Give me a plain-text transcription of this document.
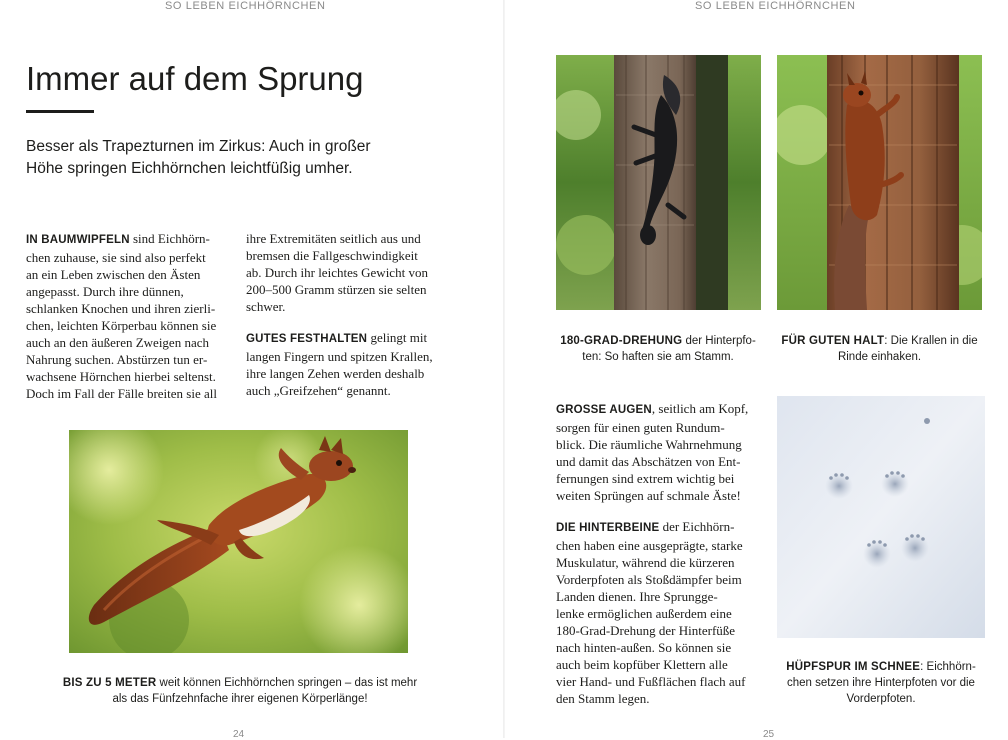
SO LEBEN EICHHÖRNCHEN
Immer auf dem Sprung

Besser als Trapezturnen im Zirkus: Auch in großer
Höhe springen Eichhörnchen leichtfüßig umher.

IN BAUMWIPFELN sind Eichhörn-
chen zuhause, sie sind also perfekt
an ein Leben zwischen den Ästen
angepasst. Durch ihre dünnen,
schlanken Knochen und ihren zierli-
chen, leichten Körperbau können sie
auch an den äußeren Zweigen nach
Nahrung suchen. Abstürzen tun er-
wachsene Hörnchen hierbei seltenst.
Doch im Fall der Fälle breiten sie all

ihre Extremitäten seitlich aus und
bremsen die Fallgeschwindigkeit
ab. Durch ihr leichtes Gewicht von
200–500 Gramm stürzen sie selten
schwer.

GUTES FESTHALTEN gelingt mit
langen Fingern und spitzen Krallen,
ihre langen Zehen werden deshalb
auch „Greifzehen“ genannt.

BIS ZU 5 METER weit können Eichhörnchen springen – das ist mehr
als das Fünfzehnfache ihrer eigenen Körperlänge!

24
SO LEBEN EICHHÖRNCHEN

180-GRAD-DREHUNG der Hinterpfo-
ten: So haften sie am Stamm.

FÜR GUTEN HALT: Die Krallen in die
Rinde einhaken.

GROSSE AUGEN, seitlich am Kopf,
sorgen für einen guten Rundum-
blick. Die räumliche Wahrnehmung
und damit das Abschätzen von Ent-
fernungen sind extrem wichtig bei
weiten Sprüngen auf schmale Äste!

DIE HINTERBEINE der Eichhörn-
chen haben eine ausgeprägte, starke
Muskulatur, während die kürzeren
Vorderpfoten als Stoßdämpfer beim
Landen dienen. Ihre Sprungge-
lenke ermöglichen außerdem eine
180-Grad-Drehung der Hinterfüße
nach hinten-außen. So können sie
auch beim kopfüber Klettern alle
vier Hand- und Fußflächen flach auf
den Stamm legen.

HÜPFSPUR IM SCHNEE: Eichhörn-
chen setzen ihre Hinterpfoten vor die
Vorderpfoten.

25
